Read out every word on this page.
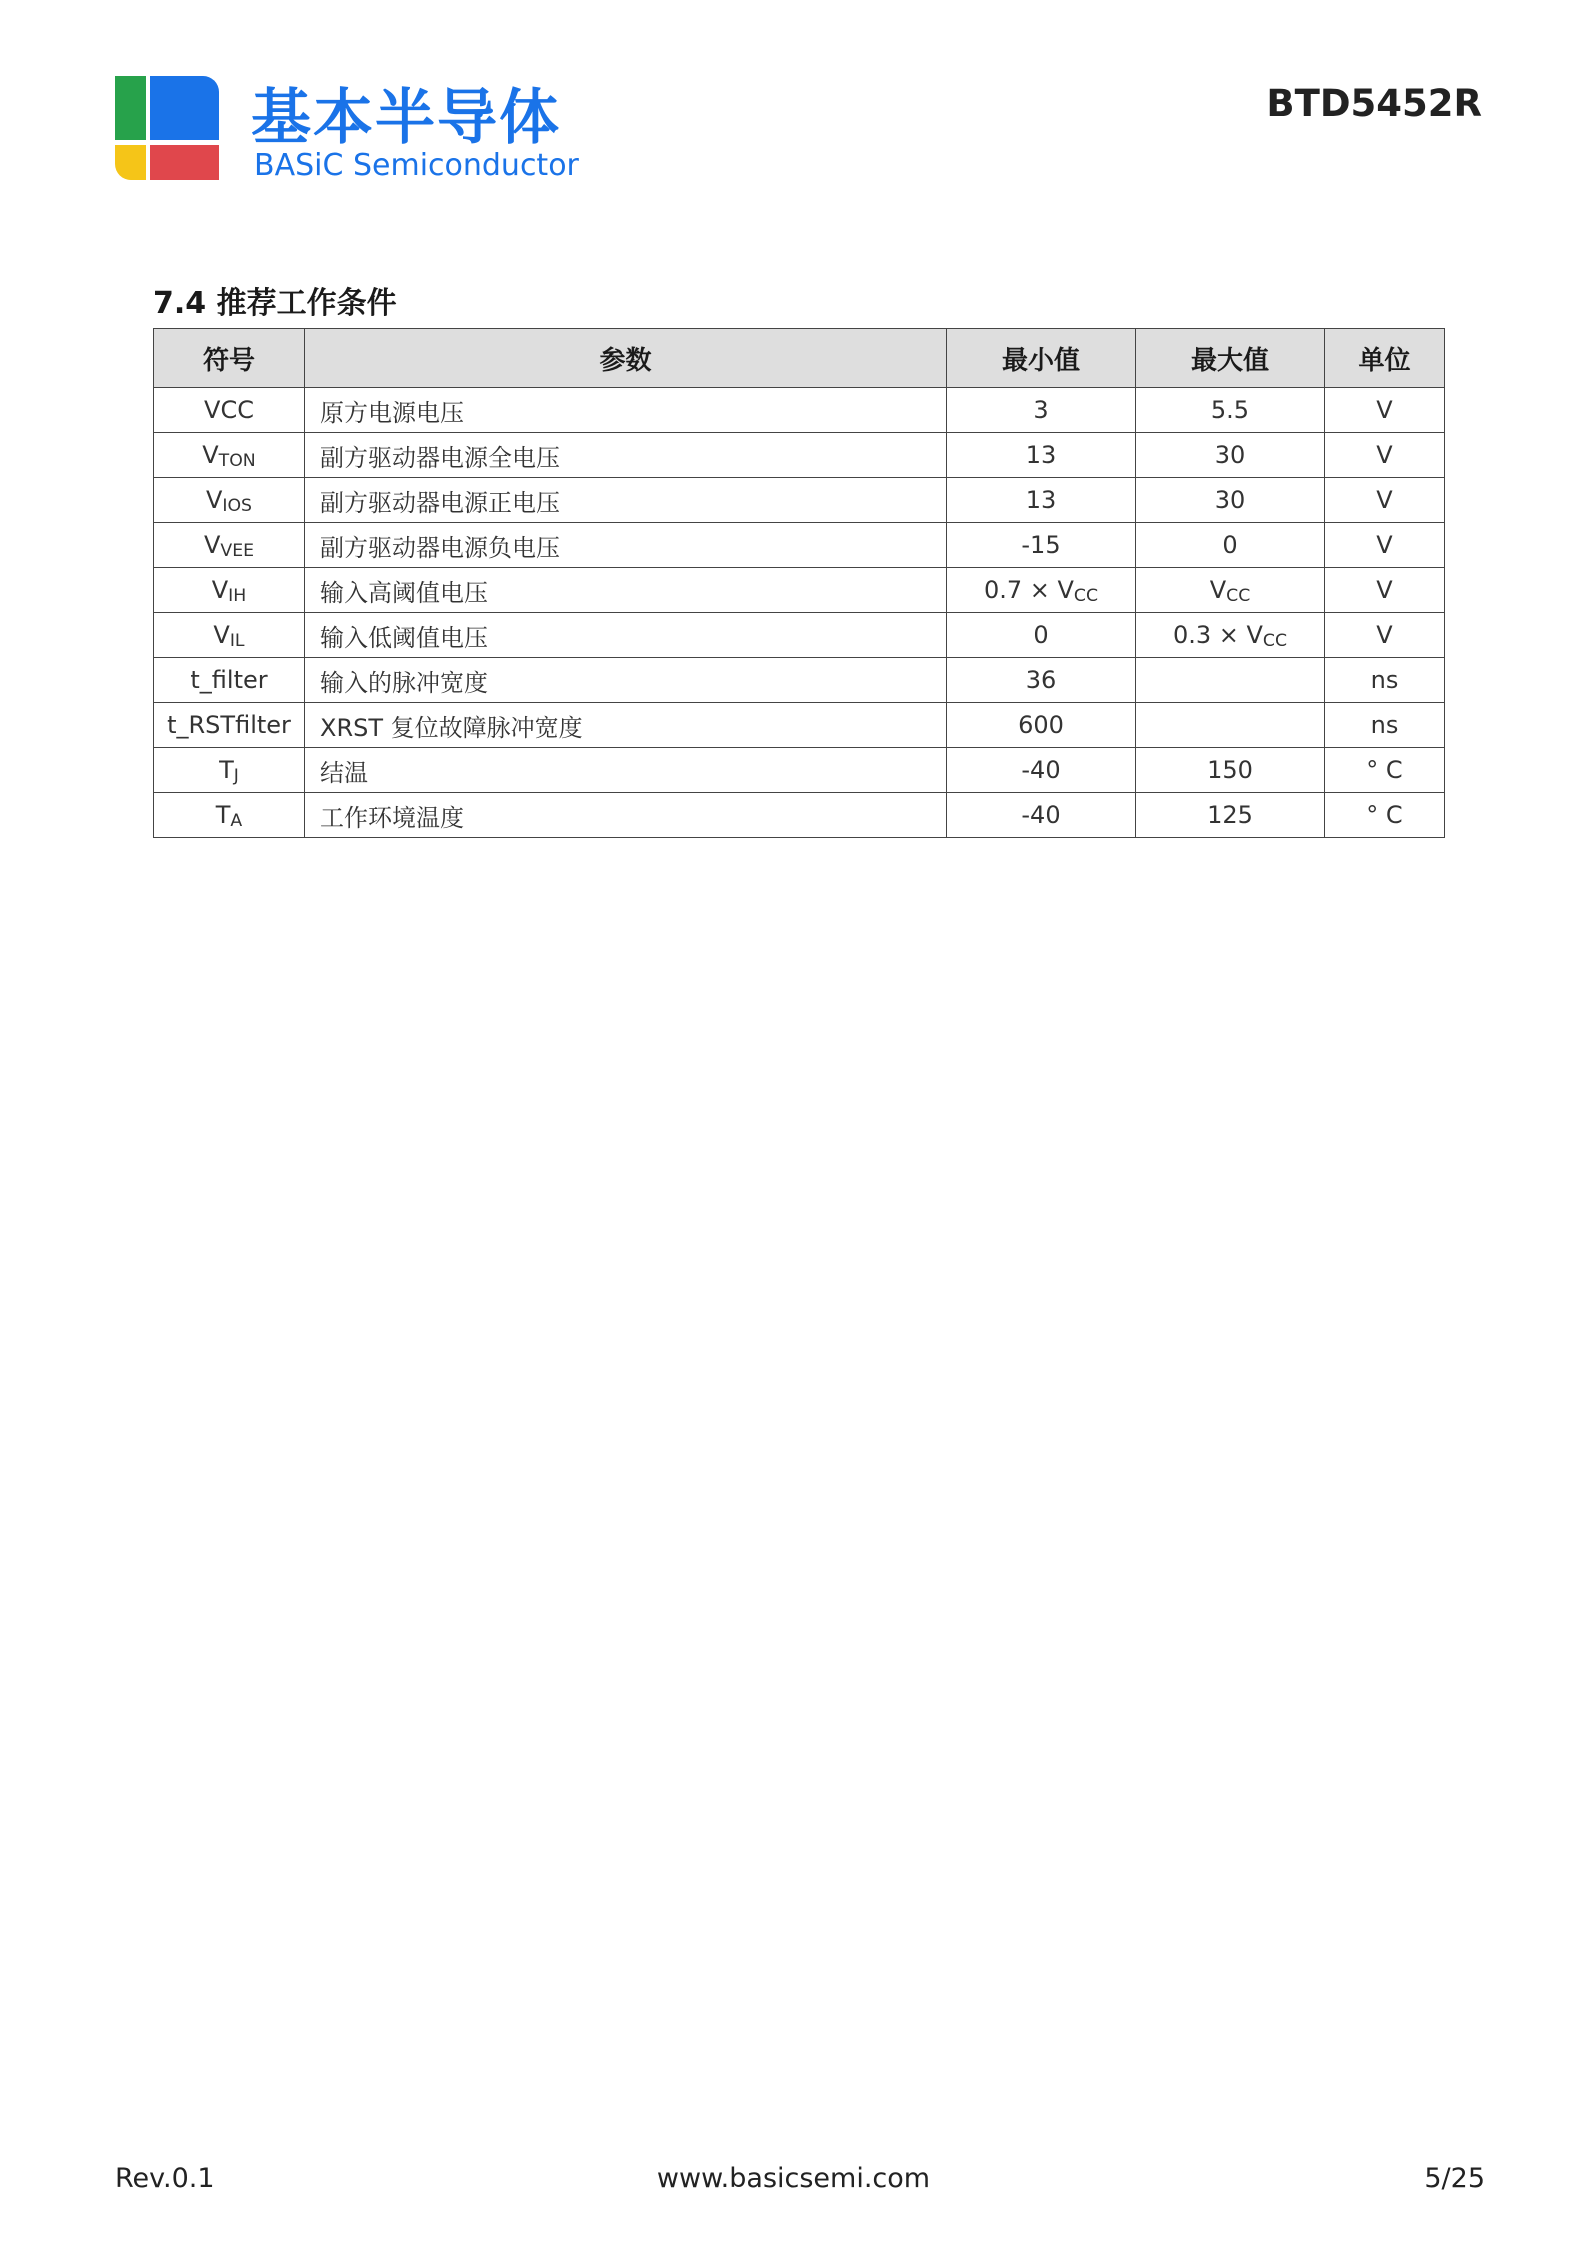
基本半导体
BASiC Semiconductor
BTD5452R
7.4 推荐工作条件
符号	参数	最小值	最大值	单位
VCC	原方电源电压	3	5.5	V
VTON	副方驱动器电源全电压	13	30	V
VIOS	副方驱动器电源正电压	13	30	V
VVEE	副方驱动器电源负电压	-15	0	V
VIH	输入高阈值电压	0.7 × VCC	VCC	V
VIL	输入低阈值电压	0	0.3 × VCC	V
t_filter	输入的脉冲宽度	36		ns
t_RSTfilter	XRST 复位故障脉冲宽度	600		ns
TJ	结温	-40	150	° C
TA	工作环境温度	-40	125	° C
Rev.0.1	www.basicsemi.com	5/25
